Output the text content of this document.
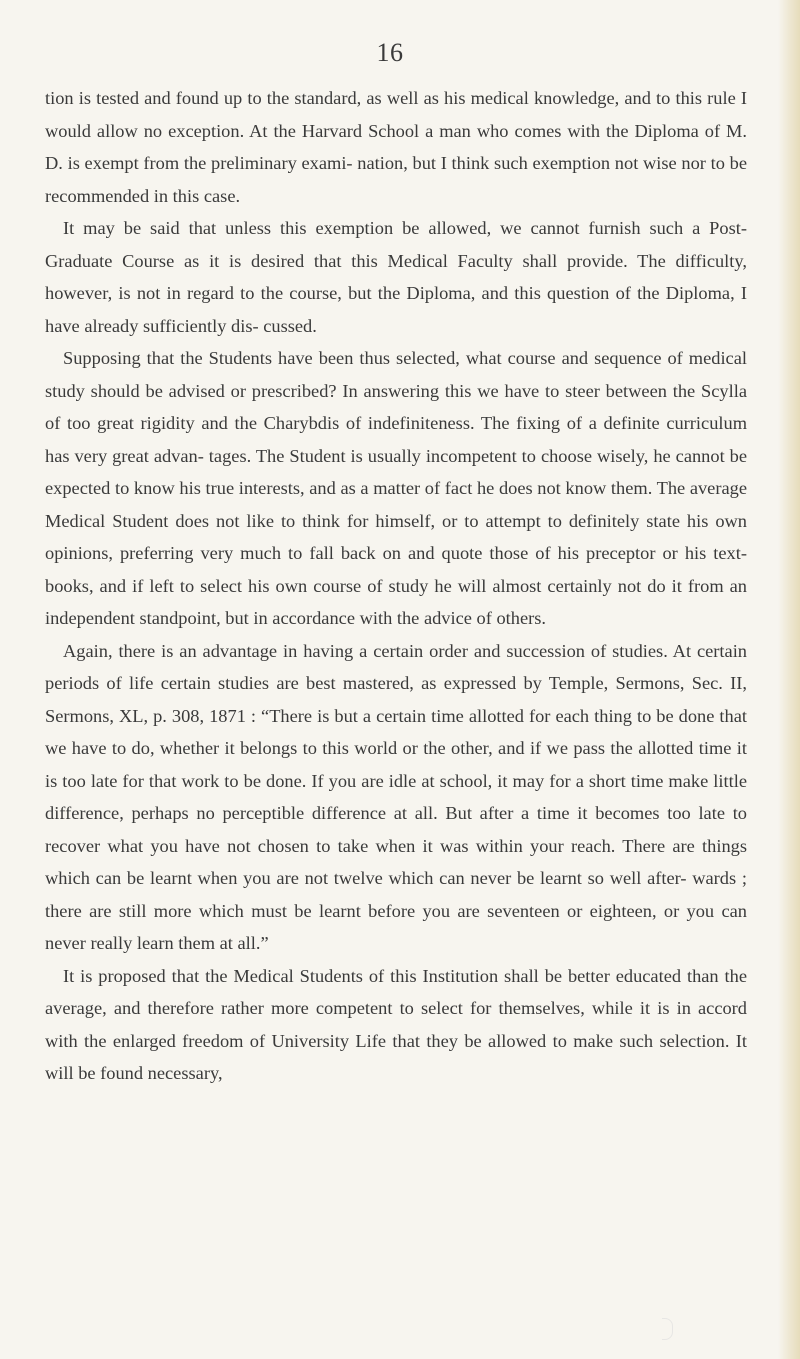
16

tion is tested and found up to the standard, as well as his medical knowledge, and to this rule I would allow no exception. At the Harvard School a man who comes with the Diploma of M. D. is exempt from the preliminary exami- nation, but I think such exemption not wise nor to be recommended in this case.

It may be said that unless this exemption be allowed, we cannot furnish such a Post-Graduate Course as it is desired that this Medical Faculty shall provide. The difficulty, however, is not in regard to the course, but the Diploma, and this question of the Diploma, I have already sufficiently dis- cussed.

Supposing that the Students have been thus selected, what course and sequence of medical study should be advised or prescribed? In answering this we have to steer between the Scylla of too great rigidity and the Charybdis of indefiniteness. The fixing of a definite curriculum has very great advan- tages. The Student is usually incompetent to choose wisely, he cannot be expected to know his true interests, and as a matter of fact he does not know them. The average Medical Student does not like to think for himself, or to attempt to definitely state his own opinions, preferring very much to fall back on and quote those of his preceptor or his text-books, and if left to select his own course of study he will almost certainly not do it from an independent standpoint, but in accordance with the advice of others.

Again, there is an advantage in having a certain order and succession of studies. At certain periods of life certain studies are best mastered, as expressed by Temple, Sermons, Sec. II, Sermons, XL, p. 308, 1871 : “There is but a certain time allotted for each thing to be done that we have to do, whether it belongs to this world or the other, and if we pass the allotted time it is too late for that work to be done. If you are idle at school, it may for a short time make little difference, perhaps no perceptible difference at all. But after a time it becomes too late to recover what you have not chosen to take when it was within your reach. There are things which can be learnt when you are not twelve which can never be learnt so well after- wards ; there are still more which must be learnt before you are seventeen or eighteen, or you can never really learn them at all.”

It is proposed that the Medical Students of this Institution shall be better educated than the average, and therefore rather more competent to select for themselves, while it is in accord with the enlarged freedom of University Life that they be allowed to make such selection. It will be found necessary,
